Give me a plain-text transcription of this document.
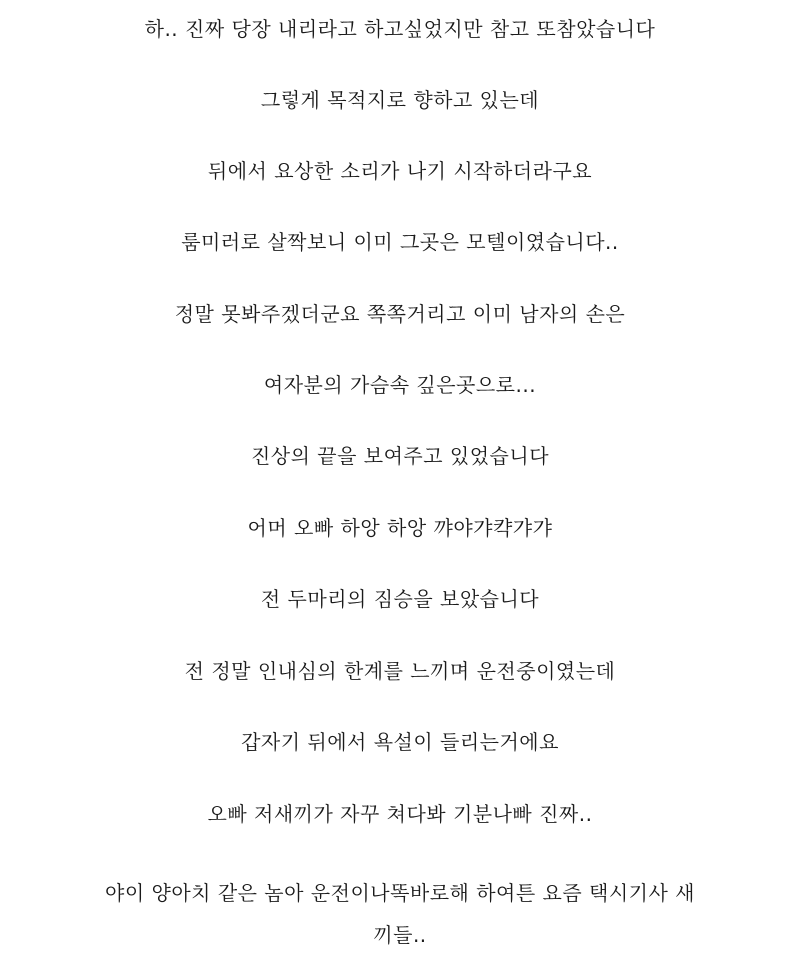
하.. 진짜 당장 내리라고 하고싶었지만 참고 또참았습니다
그렇게 목적지로 향하고 있는데
뒤에서 요상한 소리가 나기 시작하더라구요
룸미러로 살짝보니 이미 그곳은 모텔이였습니다..
정말 못봐주겠더군요 쪽쪽거리고 이미 남자의 손은
여자분의 가슴속 깊은곳으로...
진상의 끝을 보여주고 있었습니다
어머 오빠 하앙 하앙 꺄야갸캭갸갸
전 두마리의 짐승을 보았습니다
전 정말 인내심의 한계를 느끼며 운전중이였는데
갑자기 뒤에서 욕설이 들리는거에요
오빠 저새끼가 자꾸 쳐다봐 기분나빠 진짜..
야이 양아치 같은 놈아 운전이나똑바로해 하여튼 요즘 택시기사 새끼들..
